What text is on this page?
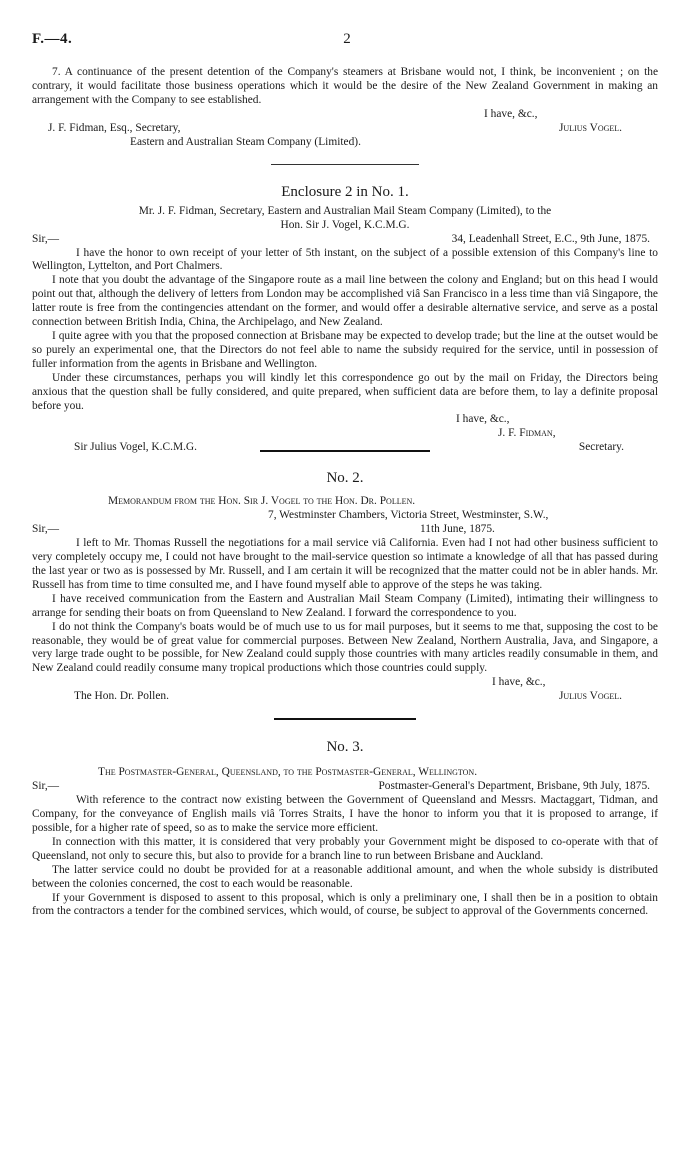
F.—4.	2

7. A continuance of the present detention of the Company's steamers at Brisbane would not, I think, be inconvenient ; on the contrary, it would facilitate those business operations which it would be the desire of the New Zealand Government in making an arrangement with the Company to see established.

I have, &c.,
J. F. Fidman, Esq., Secretary,	Julius Vogel.
Eastern and Australian Steam Company (Limited).
Enclosure 2 in No. 1.

Mr. J. F. Fidman, Secretary, Eastern and Australian Mail Steam Company (Limited), to the

Hon. Sir J. Vogel, K.C.M.G.

Sir,—	34, Leadenhall Street, E.C., 9th June, 1875.

I have the honor to own receipt of your letter of 5th instant, on the subject of a possible extension of this Company's line to Wellington, Lyttelton, and Port Chalmers.

I note that you doubt the advantage of the Singapore route as a mail line between the colony and England; but on this head I would point out that, although the delivery of letters from London may be accomplished viâ San Francisco in a less time than viâ Singapore, the latter route is free from the contingencies attendant on the former, and would offer a desirable alternative service, and serve as a postal connection between British India, China, the Archipelago, and New Zealand.

I quite agree with you that the proposed connection at Brisbane may be expected to develop trade; but the line at the outset would be so purely an experimental one, that the Directors do not feel able to name the subsidy required for the service, until in possession of fuller information from the agents in Brisbane and Wellington.

Under these circumstances, perhaps you will kindly let this correspondence go out by the mail on Friday, the Directors being anxious that the question shall be fully considered, and quite prepared, when sufficient data are before them, to lay a definite proposal before you.

I have, &c.,
J. F. Fidman,
Sir Julius Vogel, K.C.M.G.	Secretary.
No. 2.

Memorandum from the Hon. Sir J. Vogel to the Hon. Dr. Pollen.

7, Westminster Chambers, Victoria Street, Westminster, S.W.,

Sir,—	11th June, 1875.

I left to Mr. Thomas Russell the negotiations for a mail service viâ California. Even had I not had other business sufficient to very completely occupy me, I could not have brought to the mail-service question so intimate a knowledge of all that has passed during the last year or two as is possessed by Mr. Russell, and I am certain it will be recognized that the matter could not be in abler hands. Mr. Russell has from time to time consulted me, and I have found myself able to approve of the steps he was taking.

I have received communication from the Eastern and Australian Mail Steam Company (Limited), intimating their willingness to arrange for sending their boats on from Queensland to New Zealand. I forward the correspondence to you.

I do not think the Company's boats would be of much use to us for mail purposes, but it seems to me that, supposing the cost to be reasonable, they would be of great value for commercial purposes. Between New Zealand, Northern Australia, Java, and Singapore, a very large trade ought to be possible, for New Zealand could supply those countries with many articles readily consumable in them, and New Zealand could readily consume many tropical productions which those countries could supply.

I have, &c.,
The Hon. Dr. Pollen.	Julius Vogel.
No. 3.

The Postmaster-General, Queensland, to the Postmaster-General, Wellington.

Sir,—	Postmaster-General's Department, Brisbane, 9th July, 1875.

With reference to the contract now existing between the Government of Queensland and Messrs. Mactaggart, Tidman, and Company, for the conveyance of English mails viâ Torres Straits, I have the honor to inform you that it is proposed to arrange, if possible, for a higher rate of speed, so as to make the service more efficient.

In connection with this matter, it is considered that very probably your Government might be disposed to co-operate with that of Queensland, not only to secure this, but also to provide for a branch line to run between Brisbane and Auckland.

The latter service could no doubt be provided for at a reasonable additional amount, and when the whole subsidy is distributed between the colonies concerned, the cost to each would be reasonable.

If your Government is disposed to assent to this proposal, which is only a preliminary one, I shall then be in a position to obtain from the contractors a tender for the combined services, which would, of course, be subject to approval of the Governments concerned.
